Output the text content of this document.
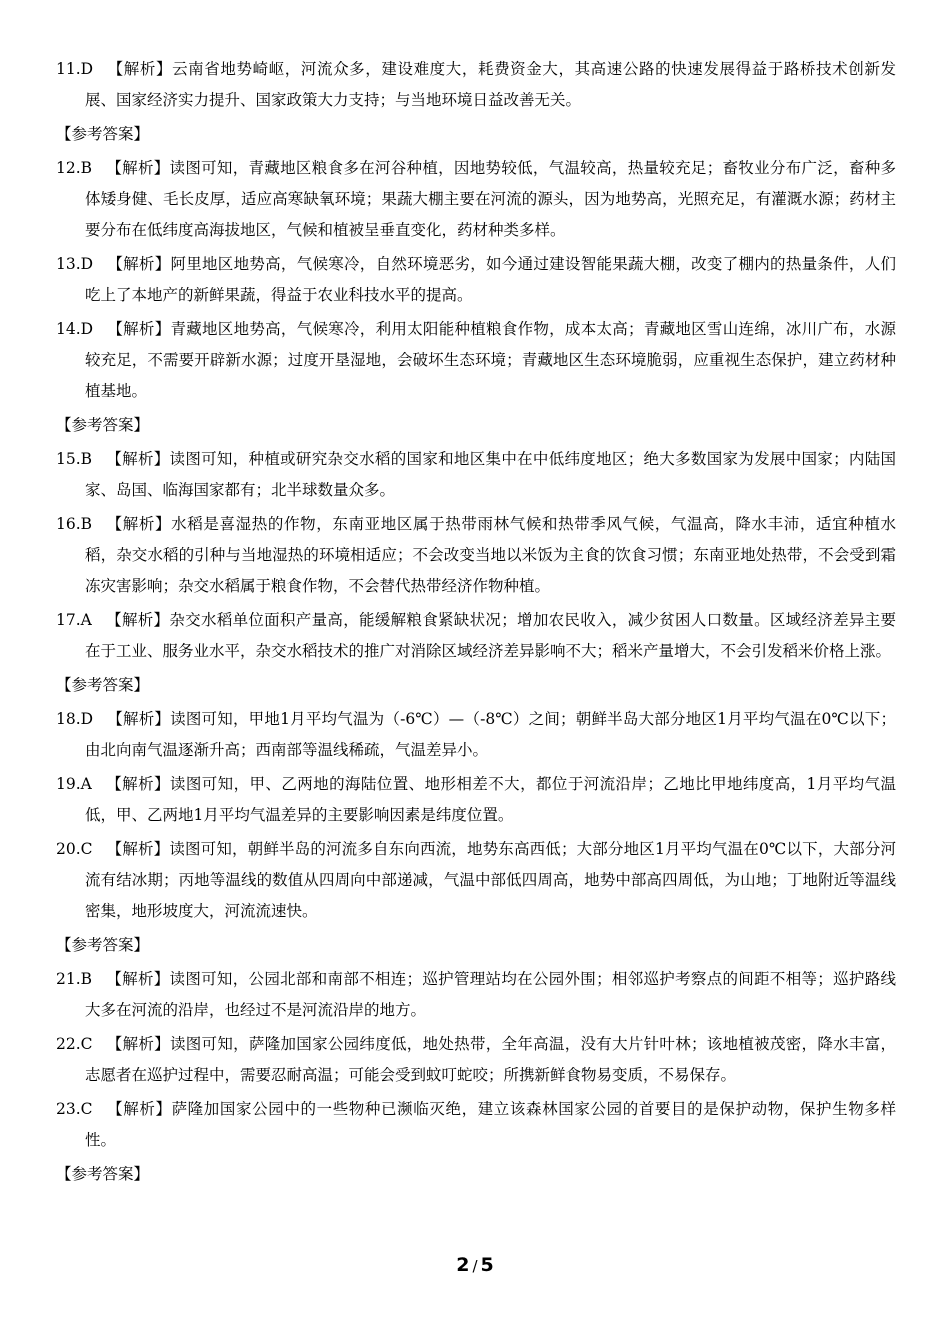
11.D 【解析】云南省地势崎岖，河流众多，建设难度大，耗费资金大，其高速公路的快速发展得益于路桥技术创新发展、国家经济实力提升、国家政策大力支持；与当地环境日益改善无关。

【参考答案】

12.B 【解析】读图可知，青藏地区粮食多在河谷种植，因地势较低，气温较高，热量较充足；畜牧业分布广泛，畜种多体矮身健、毛长皮厚，适应高寒缺氧环境；果蔬大棚主要在河流的源头，因为地势高，光照充足，有灌溉水源；药材主要分布在低纬度高海拔地区，气候和植被呈垂直变化，药材种类多样。

13.D 【解析】阿里地区地势高，气候寒冷，自然环境恶劣，如今通过建设智能果蔬大棚，改变了棚内的热量条件，人们吃上了本地产的新鲜果蔬，得益于农业科技水平的提高。

14.D 【解析】青藏地区地势高，气候寒冷，利用太阳能种植粮食作物，成本太高；青藏地区雪山连绵，冰川广布，水源较充足，不需要开辟新水源；过度开垦湿地，会破坏生态环境；青藏地区生态环境脆弱，应重视生态保护，建立药材种植基地。

【参考答案】

15.B 【解析】读图可知，种植或研究杂交水稻的国家和地区集中在中低纬度地区；绝大多数国家为发展中国家；内陆国家、岛国、临海国家都有；北半球数量众多。

16.B 【解析】水稻是喜湿热的作物，东南亚地区属于热带雨林气候和热带季风气候，气温高，降水丰沛，适宜种植水稻，杂交水稻的引种与当地湿热的环境相适应；不会改变当地以米饭为主食的饮食习惯；东南亚地处热带，不会受到霜冻灾害影响；杂交水稻属于粮食作物，不会替代热带经济作物种植。

17.A 【解析】杂交水稻单位面积产量高，能缓解粮食紧缺状况；增加农民收入，减少贫困人口数量。区域经济差异主要在于工业、服务业水平，杂交水稻技术的推广对消除区域经济差异影响不大；稻米产量增大，不会引发稻米价格上涨。

【参考答案】

18.D 【解析】读图可知，甲地1月平均气温为（-6℃）—（-8℃）之间；朝鲜半岛大部分地区1月平均气温在0℃以下；由北向南气温逐渐升高；西南部等温线稀疏，气温差异小。

19.A 【解析】读图可知，甲、乙两地的海陆位置、地形相差不大，都位于河流沿岸；乙地比甲地纬度高，1月平均气温低，甲、乙两地1月平均气温差异的主要影响因素是纬度位置。

20.C 【解析】读图可知，朝鲜半岛的河流多自东向西流，地势东高西低；大部分地区1月平均气温在0℃以下，大部分河流有结冰期；丙地等温线的数值从四周向中部递减，气温中部低四周高，地势中部高四周低，为山地；丁地附近等温线密集，地形坡度大，河流流速快。

【参考答案】

21.B 【解析】读图可知，公园北部和南部不相连；巡护管理站均在公园外围；相邻巡护考察点的间距不相等；巡护路线大多在河流的沿岸，也经过不是河流沿岸的地方。

22.C 【解析】读图可知，萨隆加国家公园纬度低，地处热带，全年高温，没有大片针叶林；该地植被茂密，降水丰富，志愿者在巡护过程中，需要忍耐高温；可能会受到蚊叮蛇咬；所携新鲜食物易变质，不易保存。

23.C 【解析】萨隆加国家公园中的一些物种已濒临灭绝，建立该森林国家公园的首要目的是保护动物，保护生物多样性。

【参考答案】

2 / 5
